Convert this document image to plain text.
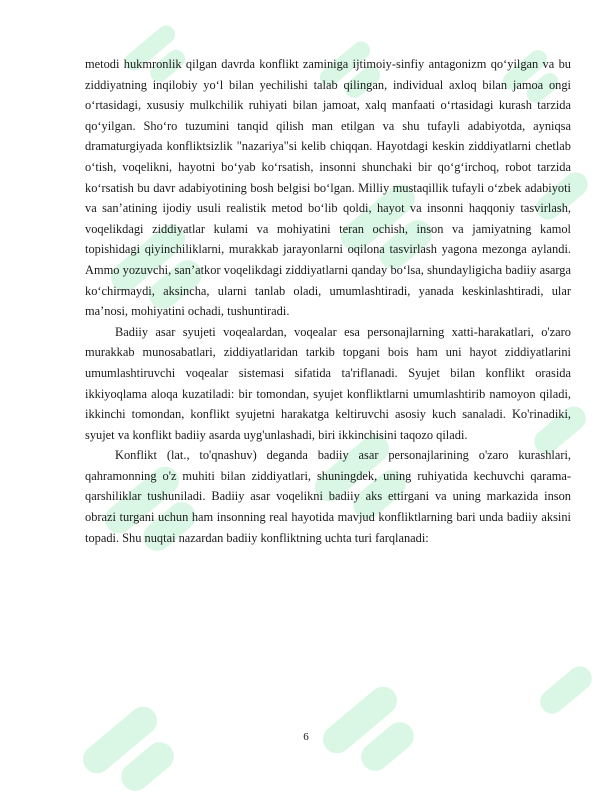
metodi hukmronlik qilgan davrda konflikt zaminiga ijtimoiy-sinfiy antagonizm qo‘yilgan va bu ziddiyatning inqilobiy yo‘l bilan yechilishi talab qilingan, individual axloq bilan jamoa ongi o‘rtasidagi, xususiy mulkchilik ruhiyati bilan jamoat, xalq manfaati o‘rtasidagi kurash tarzida qo‘yilgan. Sho‘ro tuzumini tanqid qilish man etilgan va shu tufayli adabiyotda, ayniqsa dramaturgiyada konfliktsizlik "nazariya"si kelib chiqqan. Hayotdagi keskin ziddiyatlarni chetlab o‘tish, voqelikni, hayotni bo‘yab ko‘rsatish, insonni shunchaki bir qo‘g‘irchoq, robot tarzida ko‘rsatish bu davr adabiyotining bosh belgisi bo‘lgan. Milliy mustaqillik tufayli o‘zbek adabiyoti va san’atining ijodiy usuli realistik metod bo‘lib qoldi, hayot va insonni haqqoniy tasvirlash, voqelikdagi ziddiyatlar kulami va mohiyatini teran ochish, inson va jamiyatning kamol topishidagi qiyinchiliklarni, murakkab jarayonlarni oqilona tasvirlash yagona mezonga aylandi. Ammo yozuvchi, san’atkor voqelikdagi ziddiyatlarni qanday bo‘lsa, shundayligicha badiiy asarga ko‘chirmaydi, aksincha, ularni tanlab oladi, umumlashtiradi, yanada keskinlashtiradi, ular ma’nosi, mohiyatini ochadi, tushuntiradi.

Badiiy asar syujeti voqealardan, voqealar esa personajlarning xatti-harakatlari, o'zaro murakkab munosabatlari, ziddiyatlaridan tarkib topgani bois ham uni hayot ziddiyatlarini umumlashtiruvchi voqealar sistemasi sifatida ta'riflanadi. Syujet bilan konflikt orasida ikkiyoqlama aloqa kuzatiladi: bir tomondan, syujet konfliktlarni umumlashtirib namoyon qiladi, ikkinchi tomondan, konflikt syujetni harakatga keltiruvchi asosiy kuch sanaladi. Ko'rinadiki, syujet va konflikt badiiy asarda uyg'unlashadi, biri ikkinchisini taqozo qiladi.

Konflikt (lat., to'qnashuv) deganda badiiy asar personajlarining o'zaro kurashlari, qahramonning o'z muhiti bilan ziddiyatlari, shuningdek, uning ruhiyatida kechuvchi qarama-qarshiliklar tushuniladi. Badiiy asar voqelikni badiiy aks ettirgani va uning markazida inson obrazi turgani uchun ham insonning real hayotida mavjud konfliktlarning bari unda badiiy aksini topadi. Shu nuqtai nazardan badiiy konfliktning uchta turi farqlanadi:

6
